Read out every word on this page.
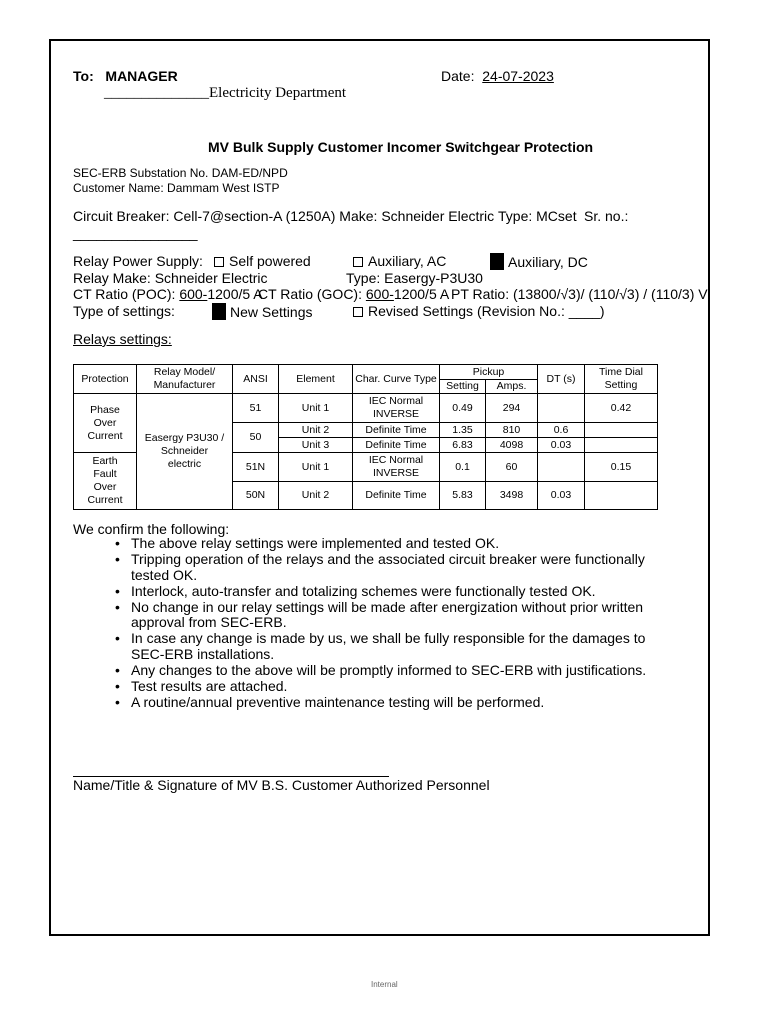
To: MANAGER
______________Electricity Department
Date: 24-07-2023
MV Bulk Supply Customer Incomer Switchgear Protection
SEC-ERB Substation No. DAM-ED/NPD
Customer Name: Dammam West ISTP
Circuit Breaker: Cell-7@section-A (1250A) Make: Schneider Electric Type: MCset Sr. no.:
________________
Relay Power Supply:	Self powered	Auxiliary, AC	Auxiliary, DC
Relay Make: Schneider Electric	Type: Easergy-P3U30
CT Ratio (POC): 600-1200/5 A
CT Ratio (GOC): 600-1200/5 A PT Ratio: (13800/√3)/ (110/√3) / (110/3) V
Type of settings:	New Settings	Revised Settings (Revision No.: ____)
Relays settings:
Protection	Relay Model/ Manufacturer	ANSI	Element	Char. Curve Type	Pickup		DT (s)	Time Dial Setting
					Setting	Amps.		
Phase Over Current	Easergy P3U30 / Schneider electric	51	Unit 1	IEC Normal INVERSE	0.49	294		0.42
		50	Unit 2	Definite Time	1.35	810	0.6	
			Unit 3	Definite Time	6.83	4098	0.03	
Earth Fault Over Current		51N	Unit 1	IEC Normal INVERSE	0.1	60		0.15
		50N	Unit 2	Definite Time	5.83	3498	0.03	
We confirm the following:
• The above relay settings were implemented and tested OK.
• Tripping operation of the relays and the associated circuit breaker were functionally tested OK.
• Interlock, auto-transfer and totalizing schemes were functionally tested OK.
• No change in our relay settings will be made after energization without prior written approval from SEC-ERB.
• In case any change is made by us, we shall be fully responsible for the damages to SEC-ERB installations.
• Any changes to the above will be promptly informed to SEC-ERB with justifications.
• Test results are attached.
• A routine/annual preventive maintenance testing will be performed.
Name/Title & Signature of MV B.S. Customer Authorized Personnel
Internal
